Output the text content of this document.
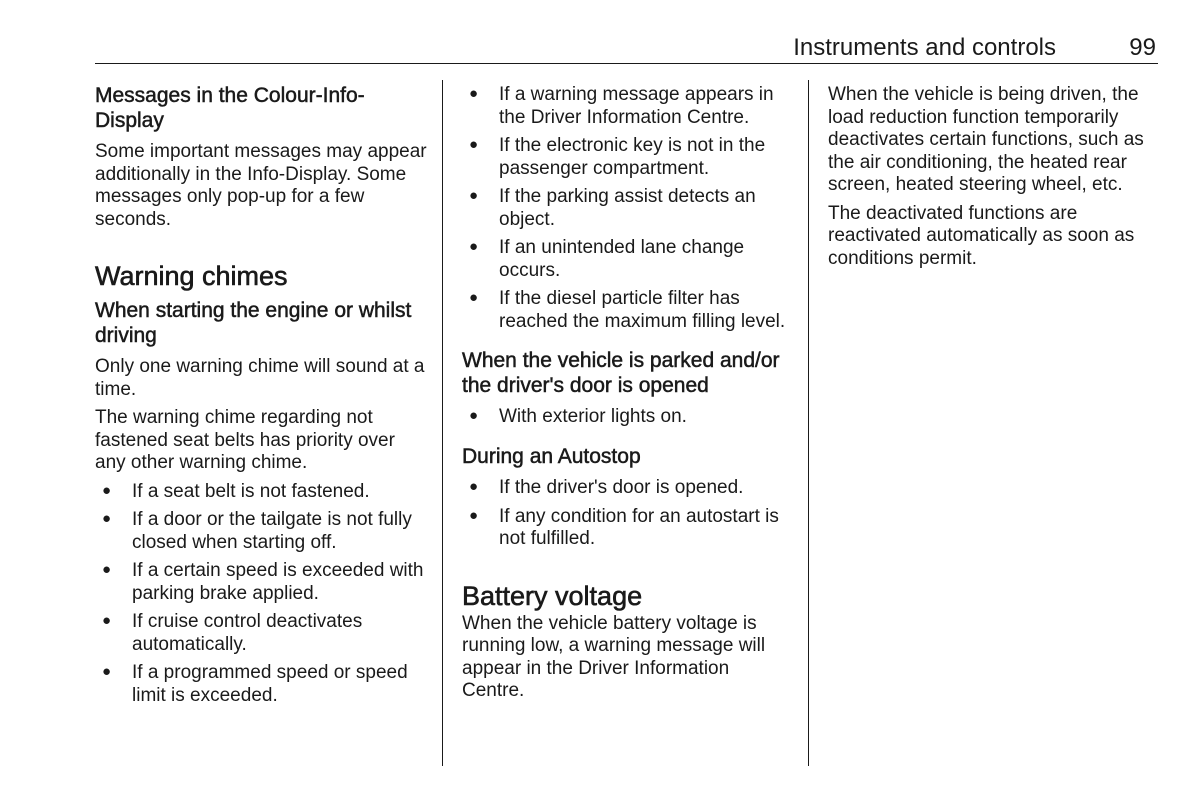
Instruments and controls	99
Messages in the Colour-Info-Display

Some important messages may appear additionally in the Info-Display. Some messages only pop-up for a few seconds.

Warning chimes
When starting the engine or whilst driving

Only one warning chime will sound at a time.

The warning chime regarding not fastened seat belts has priority over any other warning chime.

● If a seat belt is not fastened.
● If a door or the tailgate is not fully closed when starting off.
● If a certain speed is exceeded with parking brake applied.
● If cruise control deactivates automatically.
● If a programmed speed or speed limit is exceeded.
● If a warning message appears in the Driver Information Centre.
● If the electronic key is not in the passenger compartment.
● If the parking assist detects an object.
● If an unintended lane change occurs.
● If the diesel particle filter has reached the maximum filling level.
When the vehicle is parked and/or the driver's door is opened
● With exterior lights on.
During an Autostop
● If the driver's door is opened.
● If any condition for an autostart is not fulfilled.
Battery voltage

When the vehicle battery voltage is running low, a warning message will appear in the Driver Information Centre.

When the vehicle is being driven, the load reduction function temporarily deactivates certain functions, such as the air conditioning, the heated rear screen, heated steering wheel, etc.

The deactivated functions are reactivated automatically as soon as conditions permit.
